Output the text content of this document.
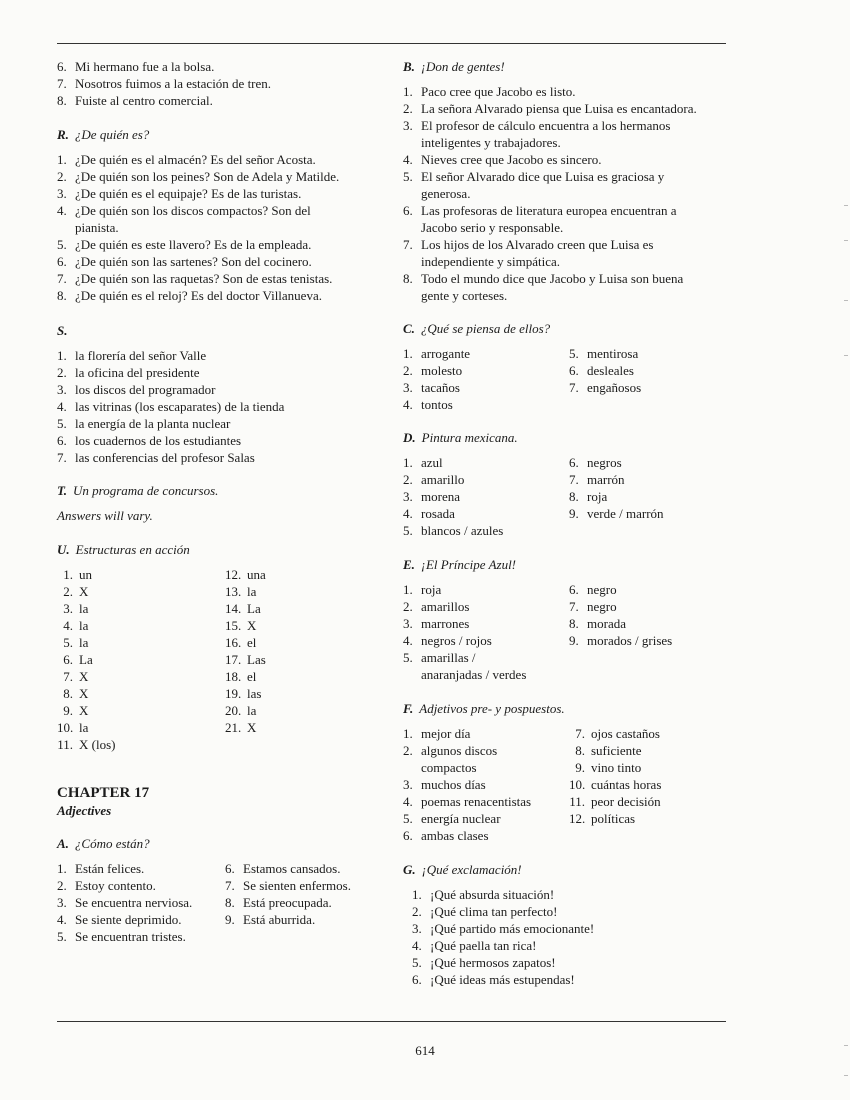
6. Mi hermano fue a la bolsa.
7. Nosotros fuimos a la estación de tren.
8. Fuiste al centro comercial.
R. ¿De quién es?
1. ¿De quién es el almacén? Es del señor Acosta.
2. ¿De quién son los peines? Son de Adela y Matilde.
3. ¿De quién es el equipaje? Es de las turistas.
4. ¿De quién son los discos compactos? Son del
pianista.
5. ¿De quién es este llavero? Es de la empleada.
6. ¿De quién son las sartenes? Son del cocinero.
7. ¿De quién son las raquetas? Son de estas tenistas.
8. ¿De quién es el reloj? Es del doctor Villanueva.
S.
1. la florería del señor Valle
2. la oficina del presidente
3. los discos del programador
4. las vitrinas (los escaparates) de la tienda
5. la energía de la planta nuclear
6. los cuadernos de los estudiantes
7. las conferencias del profesor Salas
T. Un programa de concursos.
Answers will vary.
U. Estructuras en acción
1. un
2. X
3. la
4. la
5. la
6. La
7. X
8. X
9. X
10. la
11. X (los)
12. una
13. la
14. La
15. X
16. el
17. Las
18. el
19. las
20. la
21. X
CHAPTER 17
Adjectives
A. ¿Cómo están?
1. Están felices.
2. Estoy contento.
3. Se encuentra nerviosa.
4. Se siente deprimido.
5. Se encuentran tristes.
6. Estamos cansados.
7. Se sienten enfermos.
8. Está preocupada.
9. Está aburrida.
B. ¡Don de gentes!
1. Paco cree que Jacobo es listo.
2. La señora Alvarado piensa que Luisa es encantadora.
3. El profesor de cálculo encuentra a los hermanos
inteligentes y trabajadores.
4. Nieves cree que Jacobo es sincero.
5. El señor Alvarado dice que Luisa es graciosa y
generosa.
6. Las profesoras de literatura europea encuentran a
Jacobo serio y responsable.
7. Los hijos de los Alvarado creen que Luisa es
independiente y simpática.
8. Todo el mundo dice que Jacobo y Luisa son buena
gente y corteses.
C. ¿Qué se piensa de ellos?
1. arrogante
2. molesto
3. tacaños
4. tontos
5. mentirosa
6. desleales
7. engañosos
D. Pintura mexicana.
1. azul
2. amarillo
3. morena
4. rosada
5. blancos / azules
6. negros
7. marrón
8. roja
9. verde / marrón
E. ¡El Príncipe Azul!
1. roja
2. amarillos
3. marrones
4. negros / rojos
5. amarillas /
anaranjadas / verdes
6. negro
7. negro
8. morada
9. morados / grises
F. Adjetivos pre- y pospuestos.
1. mejor día
2. algunos discos
compactos
3. muchos días
4. poemas renacentistas
5. energía nuclear
6. ambas clases
7. ojos castaños
8. suficiente
9. vino tinto
10. cuántas horas
11. peor decisión
12. políticas
G. ¡Qué exclamación!
1. ¡Qué absurda situación!
2. ¡Qué clima tan perfecto!
3. ¡Qué partido más emocionante!
4. ¡Qué paella tan rica!
5. ¡Qué hermosos zapatos!
6. ¡Qué ideas más estupendas!
614
